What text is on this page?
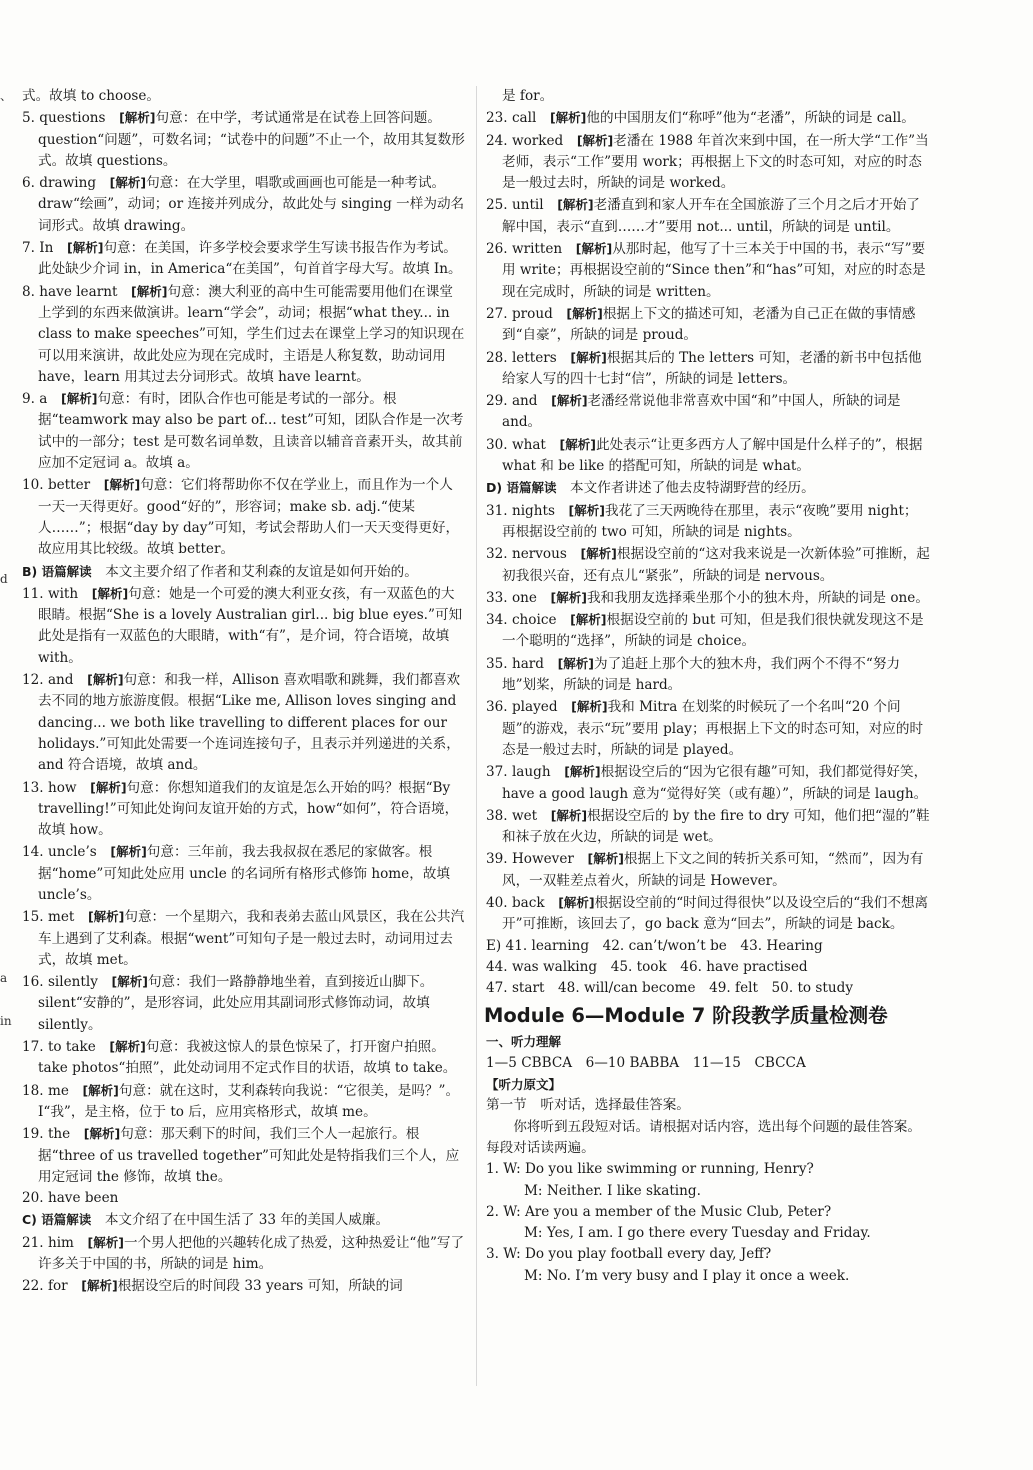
式。故填 to choose。

5. questions　 [解析]句意：在中学，考试通常是在试卷上回答问题。question“问题”，可数名词；“试卷中的问题”不止一个，故用其复数形式。故填 questions。

6. drawing　 [解析]句意：在大学里，唱歌或画画也可能是一种考试。draw“绘画”，动词；or 连接并列成分，故此处与 singing 一样为动名词形式。故填 drawing。

7. In　 [解析]句意：在美国，许多学校会要求学生写读书报告作为考试。此处缺少介词 in，in America“在美国”，句首首字母大写。故填 In。

8. have learnt　 [解析]句意：澳大利亚的高中生可能需要用他们在课堂上学到的东西来做演讲。learn“学会”，动词；根据“what they... in class to make speeches”可知，学生们过去在课堂上学习的知识现在可以用来演讲，故此处应为现在完成时，主语是人称复数，助动词用 have，learn 用其过去分词形式。故填 have learnt。

9. a　 [解析]句意：有时，团队合作也可能是考试的一部分。根据“teamwork may also be part of... test”可知，团队合作是一次考试中的一部分；test 是可数名词单数，且读音以辅音音素开头，故其前应加不定冠词 a。故填 a。

10. better　 [解析]句意：它们将帮助你不仅在学业上，而且作为一个人一天一天得更好。good“好的”，形容词；make sb. adj.“使某人……”；根据“day by day”可知，考试会帮助人们一天天变得更好，故应用其比较级。故填 better。

B) 语篇解读　 本文主要介绍了作者和艾利森的友谊是如何开始的。

11. with　 [解析]句意：她是一个可爱的澳大利亚女孩，有一双蓝色的大眼睛。根据“She is a lovely Australian girl... big blue eyes.”可知此处是指有一双蓝色的大眼睛，with“有”，是介词，符合语境，故填 with。

12. and　 [解析]句意：和我一样，Allison 喜欢唱歌和跳舞，我们都喜欢去不同的地方旅游度假。根据“Like me, Allison loves singing and dancing... we both like travelling to different places for our holidays.”可知此处需要一个连词连接句子，且表示并列递进的关系，and 符合语境，故填 and。

13. how　 [解析]句意：你想知道我们的友谊是怎么开始的吗？根据“By travelling!”可知此处询问友谊开始的方式，how“如何”，符合语境，故填 how。

14. uncle’s　 [解析]句意：三年前，我去我叔叔在悉尼的家做客。根据“home”可知此处应用 uncle 的名词所有格形式修饰 home，故填 uncle’s。

15. met　 [解析]句意：一个星期六，我和表弟去蓝山风景区，我在公共汽车上遇到了艾利森。根据“went”可知句子是一般过去时，动词用过去式，故填 met。

16. silently　 [解析]句意：我们一路静静地坐着，直到接近山脚下。silent“安静的”，是形容词，此处应用其副词形式修饰动词，故填 silently。

17. to take　 [解析]句意：我被这惊人的景色惊呆了，打开窗户拍照。take photos“拍照”，此处动词用不定式作目的状语，故填 to take。

18. me　 [解析]句意：就在这时，艾利森转向我说：“它很美，是吗？”。I“我”，是主格，位于 to 后，应用宾格形式，故填 me。

19. the　 [解析]句意：那天剩下的时间，我们三个人一起旅行。根据“three of us travelled together”可知此处是特指我们三个人，应用定冠词 the 修饰，故填 the。

20. have been

C) 语篇解读　 本文介绍了在中国生活了 33 年的美国人威廉。

21. him　 [解析]一个男人把他的兴趣转化成了热爱，这种热爱让“他”写了许多关于中国的书，所缺的词是 him。

22. for　 [解析]根据设空后的时间段 33 years 可知，所缺的词

是 for。

23. call　 [解析]他的中国朋友们“称呼”他为“老潘”，所缺的词是 call。

24. worked　 [解析]老潘在 1988 年首次来到中国，在一所大学“工作”当老师，表示“工作”要用 work；再根据上下文的时态可知，对应的时态是一般过去时，所缺的词是 worked。

25. until　 [解析]老潘直到和家人开车在全国旅游了三个月之后才开始了解中国，表示“直到……才”要用 not... until，所缺的词是 until。

26. written　 [解析]从那时起，他写了十三本关于中国的书，表示“写”要用 write；再根据设空前的“Since then”和“has”可知，对应的时态是现在完成时，所缺的词是 written。

27. proud　 [解析]根据上下文的描述可知，老潘为自己正在做的事情感到“自豪”，所缺的词是 proud。

28. letters　 [解析]根据其后的 The letters 可知，老潘的新书中包括他给家人写的四十七封“信”，所缺的词是 letters。

29. and　 [解析]老潘经常说他非常喜欢中国“和”中国人，所缺的词是 and。

30. what　 [解析]此处表示“让更多西方人了解中国是什么样子的”，根据 what 和 be like 的搭配可知，所缺的词是 what。

D) 语篇解读　 本文作者讲述了他去皮特湖野营的经历。

31. nights　 [解析]我花了三天两晚待在那里，表示“夜晚”要用 night；再根据设空前的 two 可知，所缺的词是 nights。

32. nervous　 [解析]根据设空前的“这对我来说是一次新体验”可推断，起初我很兴奋，还有点儿“紧张”，所缺的词是 nervous。

33. one　 [解析]我和我朋友选择乘坐那个小的独木舟，所缺的词是 one。

34. choice　 [解析]根据设空前的 but 可知，但是我们很快就发现这不是一个聪明的“选择”，所缺的词是 choice。

35. hard　 [解析]为了追赶上那个大的独木舟，我们两个不得不“努力地”划桨，所缺的词是 hard。

36. played　 [解析]我和 Mitra 在划桨的时候玩了一个名叫“20 个问题”的游戏，表示“玩”要用 play；再根据上下文的时态可知，对应的时态是一般过去时，所缺的词是 played。

37. laugh　 [解析]根据设空后的“因为它很有趣”可知，我们都觉得好笑，have a good laugh 意为“觉得好笑（或有趣）”，所缺的词是 laugh。

38. wet　 [解析]根据设空后的 by the fire to dry 可知，他们把“湿的”鞋和袜子放在火边，所缺的词是 wet。

39. However　 [解析]根据上下文之间的转折关系可知，“然而”，因为有风，一双鞋差点着火，所缺的词是 However。

40. back　 [解析]根据设空前的“时间过得很快”以及设空后的“我们不想离开”可推断，该回去了，go back 意为“回去”，所缺的词是 back。

E) 41. learning　42. can’t/won’t be　43. Hearing

44. was walking　45. took　46. have practised

47. start　48. will/can become　49. felt　50. to study

Module 6—Module 7 阶段教学质量检测卷

一、听力理解

1—5 CBBCA　6—10 BABBA　11—15　CBCCA

【听力原文】

第一节　听对话，选择最佳答案。

你将听到五段短对话。请根据对话内容，选出每个问题的最佳答案。每段对话读两遍。

1. W: Do you like swimming or running, Henry?

M: Neither. I like skating.

2. W: Are you a member of the Music Club, Peter?

M: Yes, I am. I go there every Tuesday and Friday.

3. W: Do you play football every day, Jeff?

M: No. I’m very busy and I play it once a week.

、
d
a
in
